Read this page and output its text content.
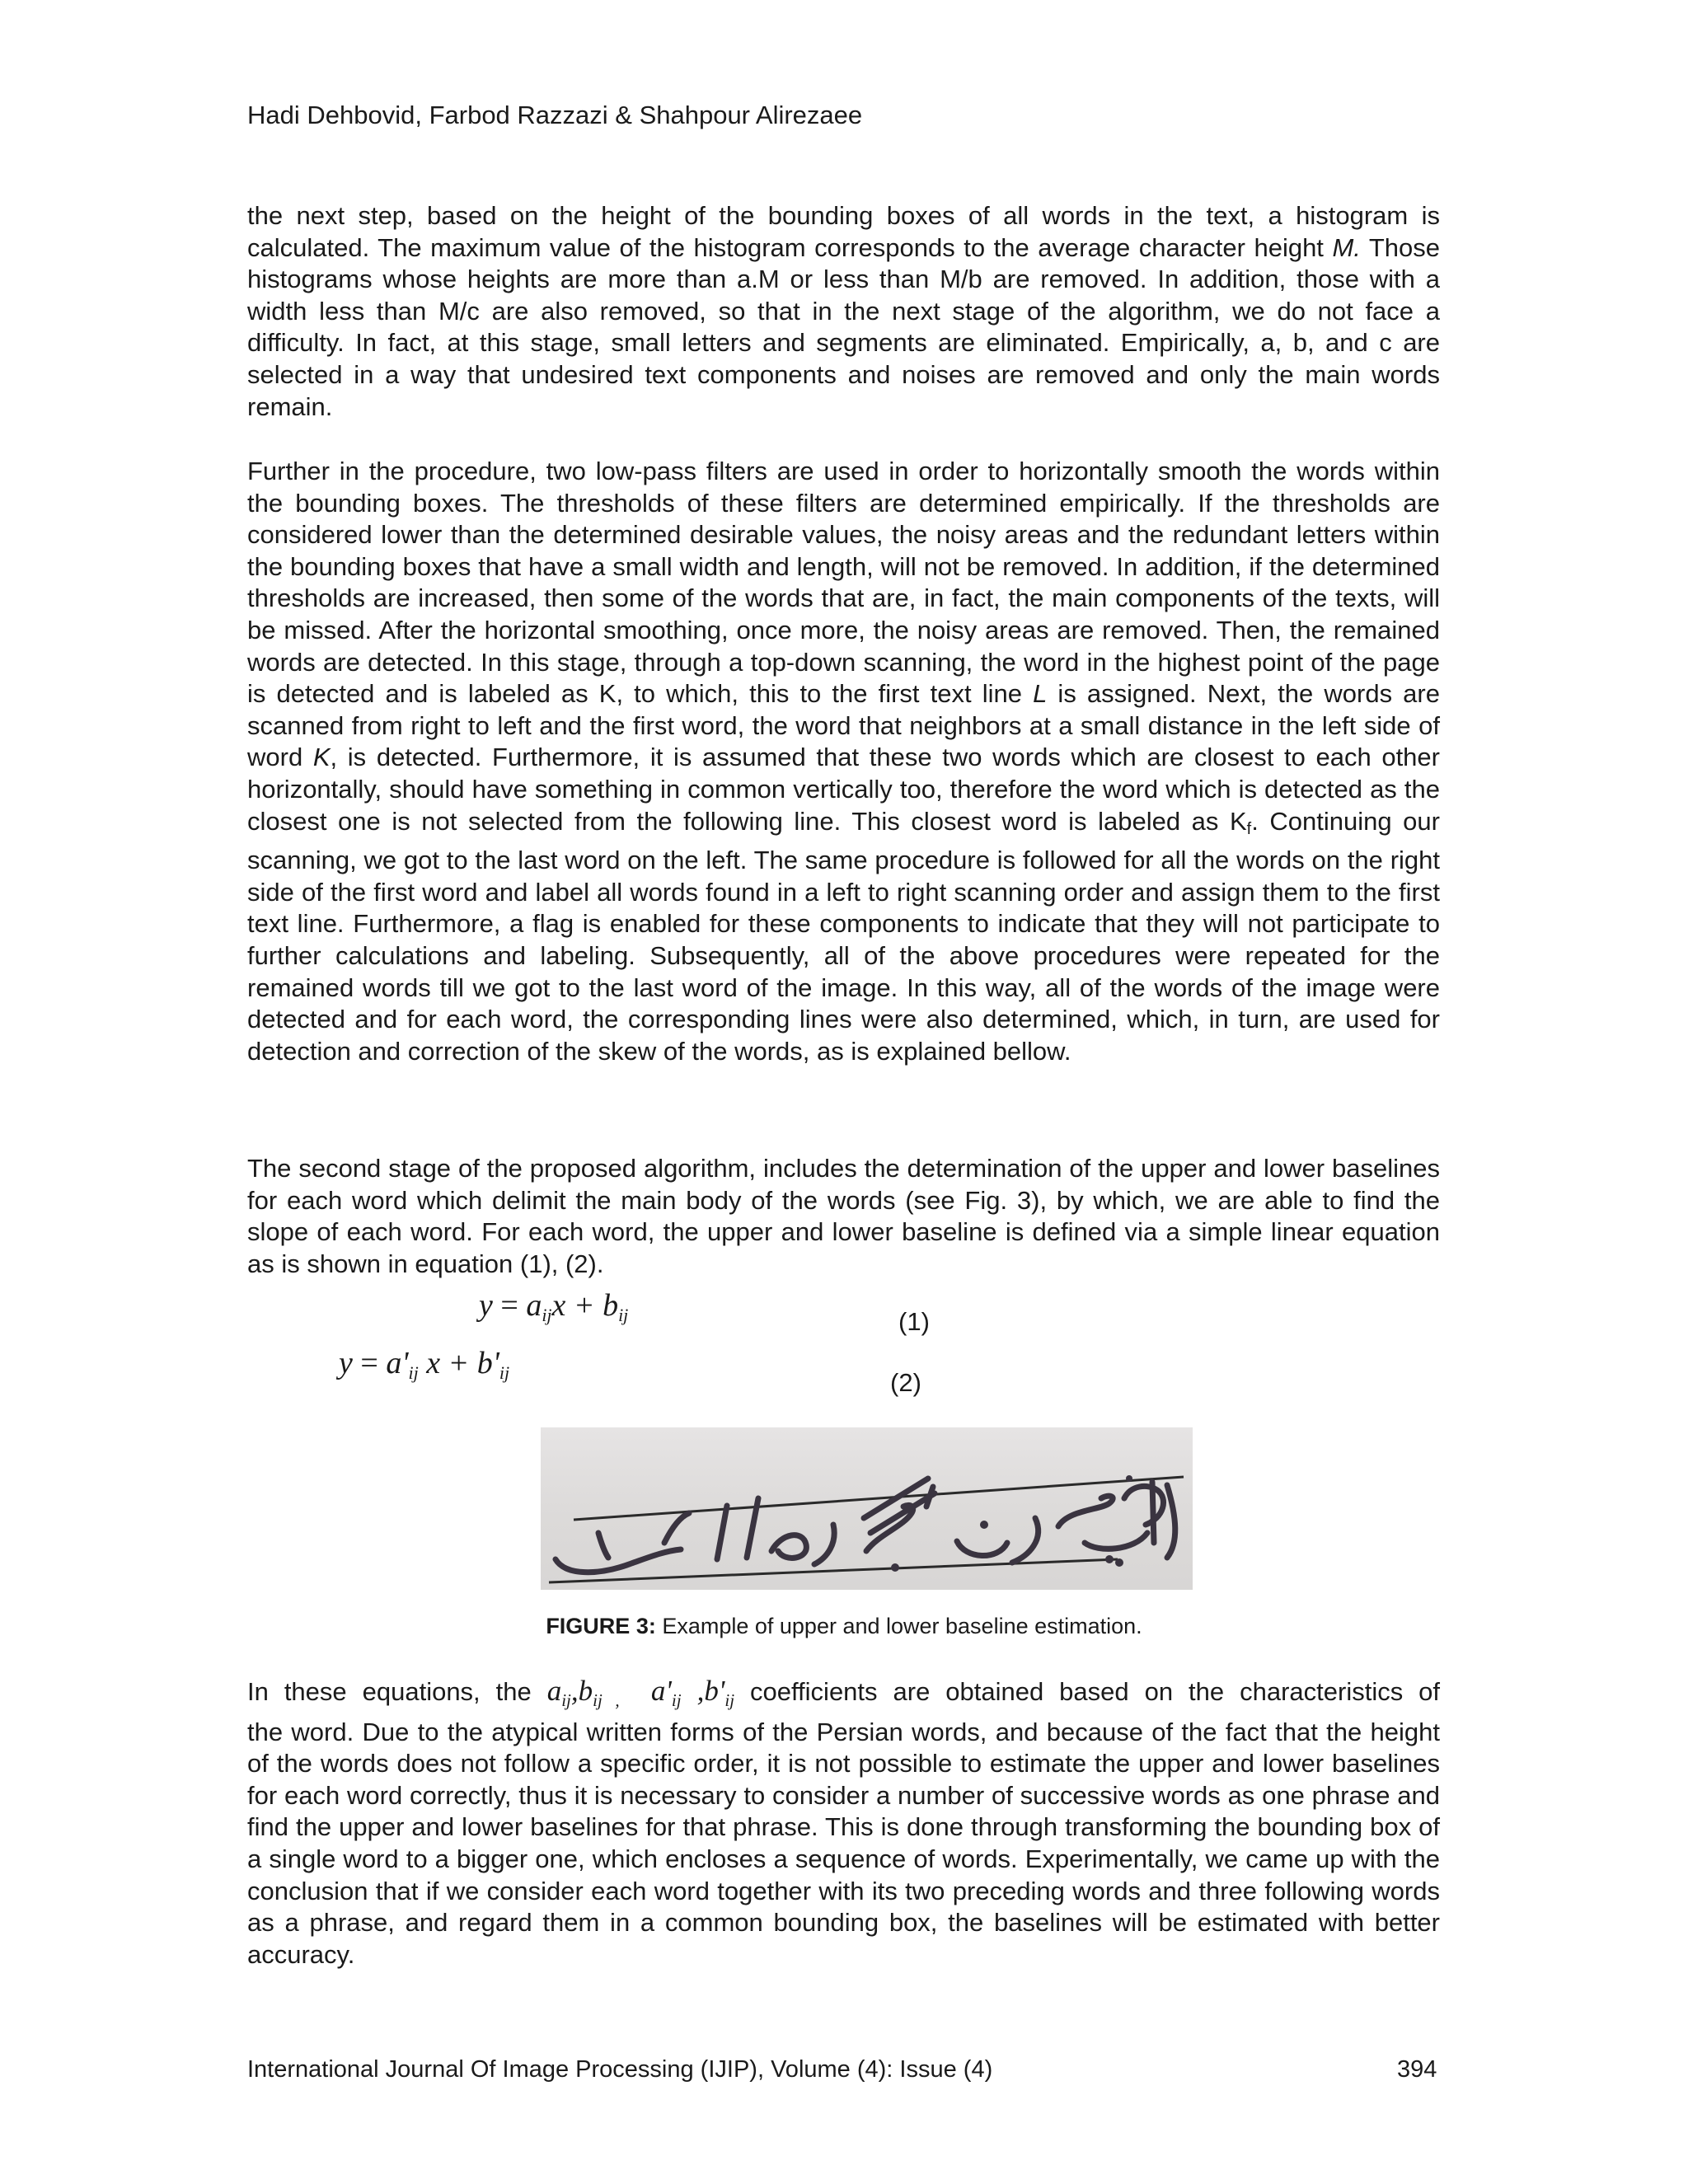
Hadi Dehbovid, Farbod Razzazi & Shahpour Alirezaee

the next step, based on the height of the bounding boxes of all words in the text, a histogram is calculated. The maximum value of the histogram corresponds to the average character height M. Those histograms whose heights are more than a.M or less than M/b are removed. In addition, those with a width less than M/c are also removed, so that in the next stage of the algorithm, we do not face a difficulty. In fact, at this stage, small letters and segments are eliminated. Empirically, a, b, and c are selected in a way that undesired text components and noises are removed and only the main words remain.

Further in the procedure, two low-pass filters are used in order to horizontally smooth the words within the bounding boxes. The thresholds of these filters are determined empirically. If the thresholds are considered lower than the determined desirable values, the noisy areas and the redundant letters within the bounding boxes that have a small width and length, will not be removed. In addition, if the determined thresholds are increased, then some of the words that are, in fact, the main components of the texts, will be missed. After the horizontal smoothing, once more, the noisy areas are removed. Then, the remained words are detected. In this stage, through a top-down scanning, the word in the highest point of the page is detected and is labeled as K, to which, this to the first text line L is assigned. Next, the words are scanned from right to left and the first word, the word that neighbors at a small distance in the left side of word K, is detected. Furthermore, it is assumed that these two words which are closest to each other horizontally, should have something in common vertically too, therefore the word which is detected as the closest one is not selected from the following line. This closest word is labeled as $K_f$. Continuing our scanning, we got to the last word on the left. The same procedure is followed for all the words on the right side of the first word and label all words found in a left to right scanning order and assign them to the first text line. Furthermore, a flag is enabled for these components to indicate that they will not participate to further calculations and labeling. Subsequently, all of the above procedures were repeated for the remained words till we got to the last word of the image. In this way, all of the words of the image were detected and for each word, the corresponding lines were also determined, which, in turn, are used for detection and correction of the skew of the words, as is explained bellow.

The second stage of the proposed algorithm, includes the determination of the upper and lower baselines for each word which delimit the main body of the words (see Fig. 3), by which, we are able to find the slope of each word. For each word, the upper and lower baseline is defined via a simple linear equation as is shown in equation (1), (2).

y = aijx + bij	(1)
y = a'ij x + b'ij	(2)
FIGURE 3: Example of upper and lower baseline estimation.
In these equations, the $a_{ij},b_{ij ,}$ $a'_{ij}$ $,b'_{ij}$ coefficients are obtained based on the characteristics of

the word. Due to the atypical written forms of the Persian words, and because of the fact that the height of the words does not follow a specific order, it is not possible to estimate the upper and lower baselines for each word correctly, thus it is necessary to consider a number of successive words as one phrase and find the upper and lower baselines for that phrase. This is done through transforming the bounding box of a single word to a bigger one, which encloses a sequence of words. Experimentally, we came up with the conclusion that if we consider each word together with its two preceding words and three following words as a phrase, and regard them in a common bounding box, the baselines will be estimated with better accuracy.

International Journal Of Image Processing (IJIP), Volume (4): Issue (4)	394
